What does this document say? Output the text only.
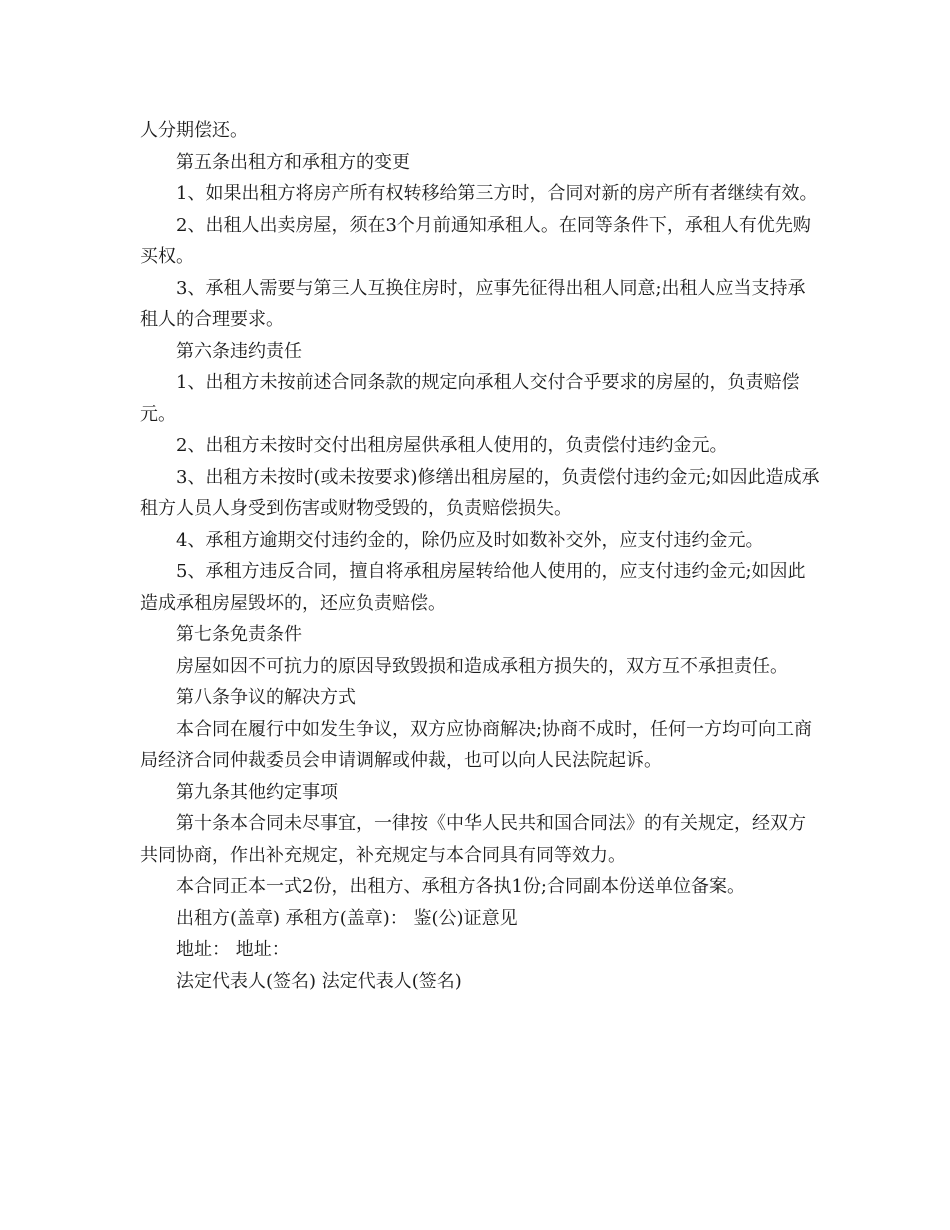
人分期偿还。

第五条出租方和承租方的变更

1、如果出租方将房产所有权转移给第三方时，合同对新的房产所有者继续有效。

2、出租人出卖房屋，须在3个月前通知承租人。在同等条件下，承租人有优先购买权。

3、承租人需要与第三人互换住房时，应事先征得出租人同意;出租人应当支持承租人的合理要求。

第六条违约责任

1、出租方未按前述合同条款的规定向承租人交付合乎要求的房屋的，负责赔偿元。

2、出租方未按时交付出租房屋供承租人使用的，负责偿付违约金元。

3、出租方未按时(或未按要求)修缮出租房屋的，负责偿付违约金元;如因此造成承租方人员人身受到伤害或财物受毁的，负责赔偿损失。

4、承租方逾期交付违约金的，除仍应及时如数补交外，应支付违约金元。

5、承租方违反合同，擅自将承租房屋转给他人使用的，应支付违约金元;如因此造成承租房屋毁坏的，还应负责赔偿。

第七条免责条件

房屋如因不可抗力的原因导致毁损和造成承租方损失的，双方互不承担责任。

第八条争议的解决方式

本合同在履行中如发生争议，双方应协商解决;协商不成时，任何一方均可向工商局经济合同仲裁委员会申请调解或仲裁，也可以向人民法院起诉。

第九条其他约定事项

第十条本合同未尽事宜，一律按《中华人民共和国合同法》的有关规定，经双方共同协商，作出补充规定，补充规定与本合同具有同等效力。

本合同正本一式2份，出租方、承租方各执1份;合同副本份送单位备案。

出租方(盖章) 承租方(盖章)： 鉴(公)证意见

地址： 地址：

法定代表人(签名) 法定代表人(签名)
